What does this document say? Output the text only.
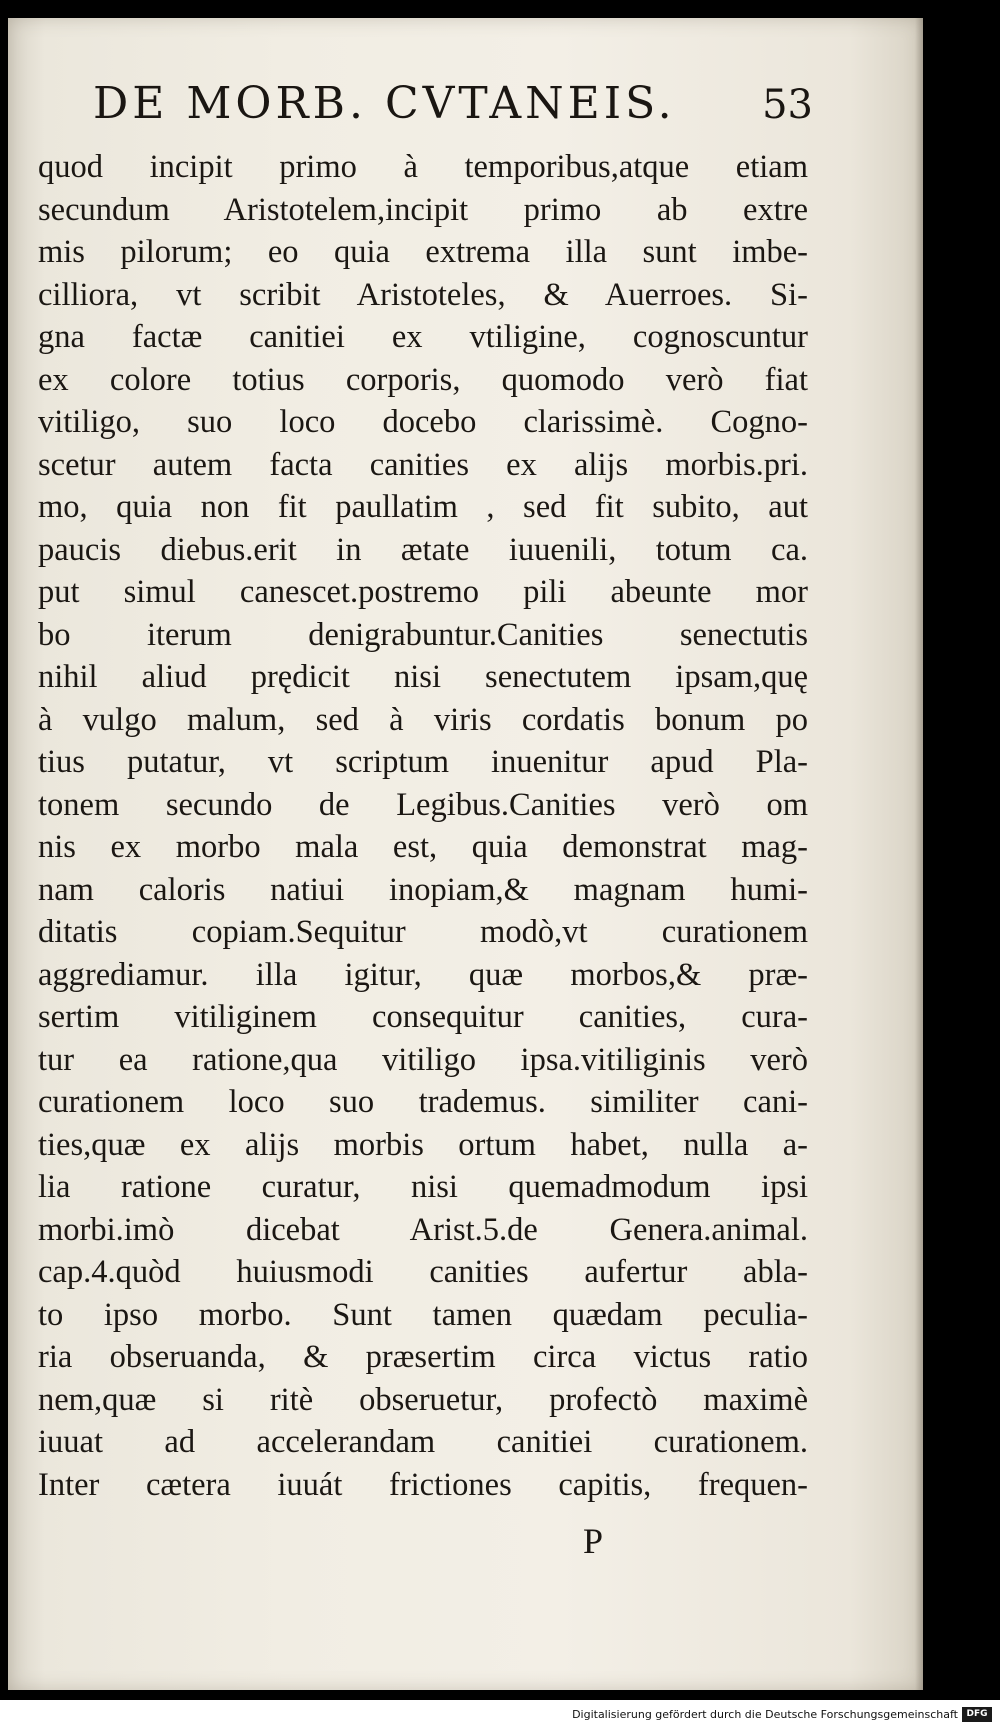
DE MORB. CVTANEIS. 53
quod incipit primo à temporibus,atque etiam
secundum Aristotelem,incipit primo ab extre
mis pilorum; eo quia extrema illa sunt imbe-
cilliora, vt scribit Aristoteles, & Auerroes. Si-
gna factæ canitiei ex vtiligine, cognoscuntur
ex colore totius corporis, quomodo verò fiat
vitiligo, suo loco docebo clarissimè. Cogno-
scetur autem facta canities ex alijs morbis.pri.
mo, quia non fit paullatim , sed fit subito, aut
paucis diebus.erit in ætate iuuenili, totum ca.
put simul canescet.postremo pili abeunte mor
bo iterum denigrabuntur.Canities senectutis
nihil aliud prędicit nisi senectutem ipsam,quę
à vulgo malum, sed à viris cordatis bonum po
tius putatur, vt scriptum inuenitur apud Pla-
tonem secundo de Legibus.Canities verò om
nis ex morbo mala est, quia demonstrat mag-
nam caloris natiui inopiam,& magnam humi-
ditatis copiam.Sequitur modò,vt curationem
aggrediamur. illa igitur, quæ morbos,& præ-
sertim vitiliginem consequitur canities, cura-
tur ea ratione,qua vitiligo ipsa.vitiliginis verò
curationem loco suo trademus. similiter cani-
ties,quæ ex alijs morbis ortum habet, nulla a-
lia ratione curatur, nisi quemadmodum ipsi
morbi.imò dicebat Arist.5.de Genera.animal.
cap.4.quòd huiusmodi canities aufertur abla-
to ipso morbo. Sunt tamen quædam peculia-
ria obseruanda, & præsertim circa victus ratio
nem,quæ si ritè obseruetur, profectò maximè
iuuat ad accelerandam canitiei curationem.
Inter cætera iuuát frictiones capitis, frequen-
P
Digitalisierung gefördert durch die Deutsche Forschungsgemeinschaft DFG
